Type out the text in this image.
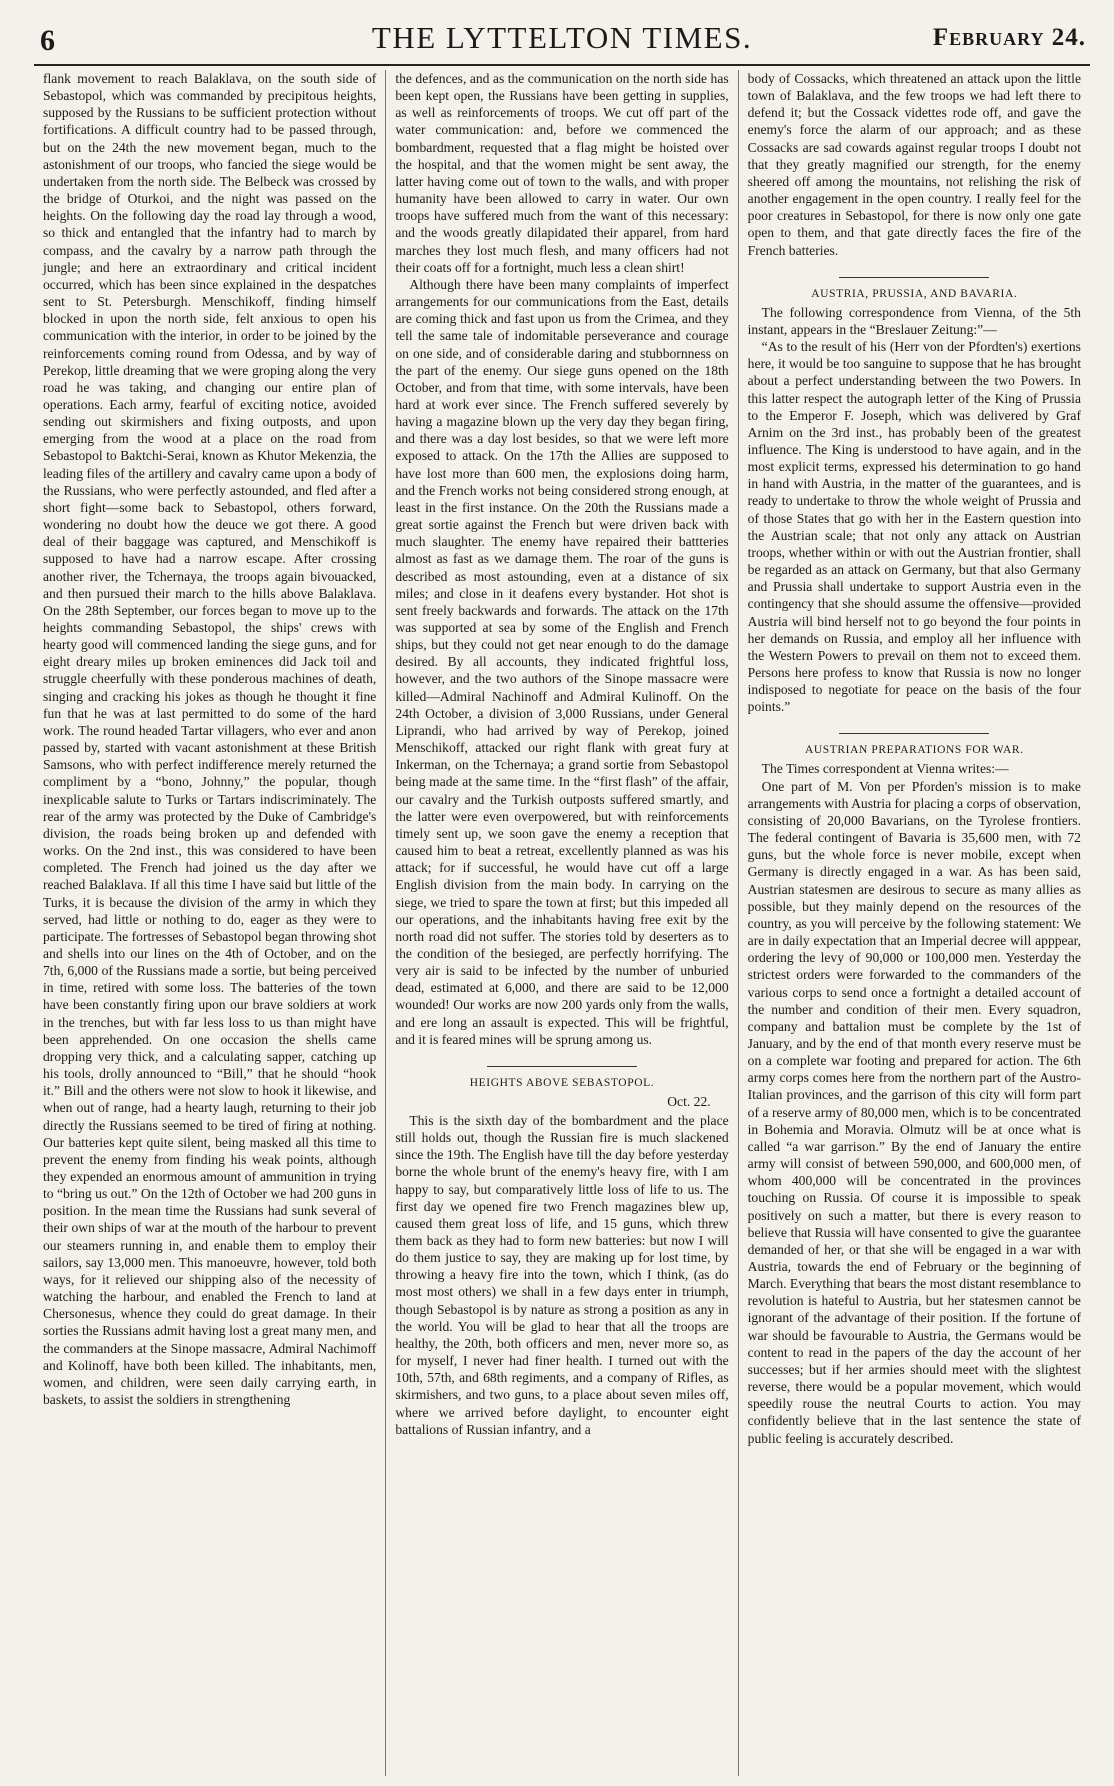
6	THE LYTTELTON TIMES.	February 24.

flank movement to reach Balaklava, on the south side of Sebastopol, which was commanded by precipitous heights, supposed by the Russians to be sufficient protection without fortifications. A difficult country had to be passed through, but on the 24th the new movement began, much to the astonishment of our troops, who fancied the siege would be undertaken from the north side. The Belbeck was crossed by the bridge of Oturkoi, and the night was passed on the heights. On the following day the road lay through a wood, so thick and entangled that the infantry had to march by compass, and the cavalry by a narrow path through the jungle; and here an extraordinary and critical incident occurred, which has been since explained in the despatches sent to St. Petersburgh. Menschikoff, finding himself blocked in upon the north side, felt anxious to open his communication with the interior, in order to be joined by the reinforcements coming round from Odessa, and by way of Perekop, little dreaming that we were groping along the very road he was taking, and changing our entire plan of operations. Each army, fearful of exciting notice, avoided sending out skirmishers and fixing outposts, and upon emerging from the wood at a place on the road from Sebastopol to Baktchi-Serai, known as Khutor Mekenzia, the leading files of the artillery and cavalry came upon a body of the Russians, who were perfectly astounded, and fled after a short fight—some back to Sebastopol, others forward, wondering no doubt how the deuce we got there. A good deal of their baggage was captured, and Menschikoff is supposed to have had a narrow escape. After crossing another river, the Tchernaya, the troops again bivouacked, and then pursued their march to the hills above Balaklava. On the 28th September, our forces began to move up to the heights commanding Sebastopol, the ships' crews with hearty good will commenced landing the siege guns, and for eight dreary miles up broken eminences did Jack toil and struggle cheerfully with these ponderous machines of death, singing and cracking his jokes as though he thought it fine fun that he was at last permitted to do some of the hard work. The round headed Tartar villagers, who ever and anon passed by, started with vacant astonishment at these British Samsons, who with perfect indifference merely returned the compliment by a “bono, Johnny,” the popular, though inexplicable salute to Turks or Tartars indiscriminately. The rear of the army was protected by the Duke of Cambridge's division, the roads being broken up and defended with works. On the 2nd inst., this was considered to have been completed. The French had joined us the day after we reached Balaklava. If all this time I have said but little of the Turks, it is because the division of the army in which they served, had little or nothing to do, eager as they were to participate. The fortresses of Sebastopol began throwing shot and shells into our lines on the 4th of October, and on the 7th, 6,000 of the Russians made a sortie, but being perceived in time, retired with some loss. The batteries of the town have been constantly firing upon our brave soldiers at work in the trenches, but with far less loss to us than might have been apprehended. On one occasion the shells came dropping very thick, and a calculating sapper, catching up his tools, drolly announced to “Bill,” that he should “hook it.” Bill and the others were not slow to hook it likewise, and when out of range, had a hearty laugh, returning to their job directly the Russians seemed to be tired of firing at nothing. Our batteries kept quite silent, being masked all this time to prevent the enemy from finding his weak points, although they expended an enormous amount of ammunition in trying to “bring us out.” On the 12th of October we had 200 guns in position. In the mean time the Russians had sunk several of their own ships of war at the mouth of the harbour to prevent our steamers running in, and enable them to employ their sailors, say 13,000 men. This manoeuvre, however, told both ways, for it relieved our shipping also of the necessity of watching the harbour, and enabled the French to land at Chersonesus, whence they could do great damage. In their sorties the Russians admit having lost a great many men, and the commanders at the Sinope massacre, Admiral Nachimoff and Kolinoff, have both been killed. The inhabitants, men, women, and children, were seen daily carrying earth, in baskets, to assist the soldiers in strengthening

the defences, and as the communication on the north side has been kept open, the Russians have been getting in supplies, as well as reinforcements of troops. We cut off part of the water communication: and, before we commenced the bombardment, requested that a flag might be hoisted over the hospital, and that the women might be sent away, the latter having come out of town to the walls, and with proper humanity have been allowed to carry in water. Our own troops have suffered much from the want of this necessary: and the woods greatly dilapidated their apparel, from hard marches they lost much flesh, and many officers had not their coats off for a fortnight, much less a clean shirt!

Although there have been many complaints of imperfect arrangements for our communications from the East, details are coming thick and fast upon us from the Crimea, and they tell the same tale of indomitable perseverance and courage on one side, and of considerable daring and stubbornness on the part of the enemy. Our siege guns opened on the 18th October, and from that time, with some intervals, have been hard at work ever since. The French suffered severely by having a magazine blown up the very day they began firing, and there was a day lost besides, so that we were left more exposed to attack. On the 17th the Allies are supposed to have lost more than 600 men, the explosions doing harm, and the French works not being considered strong enough, at least in the first instance. On the 20th the Russians made a great sortie against the French but were driven back with much slaughter. The enemy have repaired their battteries almost as fast as we damage them. The roar of the guns is described as most astounding, even at a distance of six miles; and close in it deafens every bystander. Hot shot is sent freely backwards and forwards. The attack on the 17th was supported at sea by some of the English and French ships, but they could not get near enough to do the damage desired. By all accounts, they indicated frightful loss, however, and the two authors of the Sinope massacre were killed—Admiral Nachinoff and Admiral Kulinoff. On the 24th October, a division of 3,000 Russians, under General Liprandi, who had arrived by way of Perekop, joined Menschikoff, attacked our right flank with great fury at Inkerman, on the Tchernaya; a grand sortie from Sebastopol being made at the same time. In the “first flash” of the affair, our cavalry and the Turkish outposts suffered smartly, and the latter were even overpowered, but with reinforcements timely sent up, we soon gave the enemy a reception that caused him to beat a retreat, excellently planned as was his attack; for if successful, he would have cut off a large English division from the main body. In carrying on the siege, we tried to spare the town at first; but this impeded all our operations, and the inhabitants having free exit by the north road did not suffer. The stories told by deserters as to the condition of the besieged, are perfectly horrifying. The very air is said to be infected by the number of unburied dead, estimated at 6,000, and there are said to be 12,000 wounded! Our works are now 200 yards only from the walls, and ere long an assault is expected. This will be frightful, and it is feared mines will be sprung among us.

HEIGHTS ABOVE SEBASTOPOL.
Oct. 22.

This is the sixth day of the bombardment and the place still holds out, though the Russian fire is much slackened since the 19th. The English have till the day before yesterday borne the whole brunt of the enemy's heavy fire, with I am happy to say, but comparatively little loss of life to us. The first day we opened fire two French magazines blew up, caused them great loss of life, and 15 guns, which threw them back as they had to form new batteries: but now I will do them justice to say, they are making up for lost time, by throwing a heavy fire into the town, which I think, (as do most most others) we shall in a few days enter in triumph, though Sebastopol is by nature as strong a position as any in the world. You will be glad to hear that all the troops are healthy, the 20th, both officers and men, never more so, as for myself, I never had finer health. I turned out with the 10th, 57th, and 68th regiments, and a company of Rifles, as skirmishers, and two guns, to a place about seven miles off, where we arrived before daylight, to encounter eight battalions of Russian infantry, and a

body of Cossacks, which threatened an attack upon the little town of Balaklava, and the few troops we had left there to defend it; but the Cossack videttes rode off, and gave the enemy's force the alarm of our approach; and as these Cossacks are sad cowards against regular troops I doubt not that they greatly magnified our strength, for the enemy sheered off among the mountains, not relishing the risk of another engagement in the open country. I really feel for the poor creatures in Sebastopol, for there is now only one gate open to them, and that gate directly faces the fire of the French batteries.

AUSTRIA, PRUSSIA, AND BAVARIA.

The following correspondence from Vienna, of the 5th instant, appears in the “Breslauer Zeitung:”—

“As to the result of his (Herr von der Pfordten's) exertions here, it would be too sanguine to suppose that he has brought about a perfect understanding between the two Powers. In this latter respect the autograph letter of the King of Prussia to the Emperor F. Joseph, which was delivered by Graf Arnim on the 3rd inst., has probably been of the greatest influence. The King is understood to have again, and in the most explicit terms, expressed his determination to go hand in hand with Austria, in the matter of the guarantees, and is ready to undertake to throw the whole weight of Prussia and of those States that go with her in the Eastern question into the Austrian scale; that not only any attack on Austrian troops, whether within or with out the Austrian frontier, shall be regarded as an attack on Germany, but that also Germany and Prussia shall undertake to support Austria even in the contingency that she should assume the offensive—provided Austria will bind herself not to go beyond the four points in her demands on Russia, and employ all her influence with the Western Powers to prevail on them not to exceed them. Persons here profess to know that Russia is now no longer indisposed to negotiate for peace on the basis of the four points.”

AUSTRIAN PREPARATIONS FOR WAR.

The Times correspondent at Vienna writes:—

One part of M. Von per Pforden's mission is to make arrangements with Austria for placing a corps of observation, consisting of 20,000 Bavarians, on the Tyrolese frontiers. The federal contingent of Bavaria is 35,600 men, with 72 guns, but the whole force is never mobile, except when Germany is directly engaged in a war. As has been said, Austrian statesmen are desirous to secure as many allies as possible, but they mainly depend on the resources of the country, as you will perceive by the following statement: We are in daily expectation that an Imperial decree will apppear, ordering the levy of 90,000 or 100,000 men. Yesterday the strictest orders were forwarded to the commanders of the various corps to send once a fortnight a detailed account of the number and condition of their men. Every squadron, company and battalion must be complete by the 1st of January, and by the end of that month every reserve must be on a complete war footing and prepared for action. The 6th army corps comes here from the northern part of the Austro-Italian provinces, and the garrison of this city will form part of a reserve army of 80,000 men, which is to be concentrated in Bohemia and Moravia. Olmutz will be at once what is called “a war garrison.” By the end of January the entire army will consist of between 590,000, and 600,000 men, of whom 400,000 will be concentrated in the provinces touching on Russia. Of course it is impossible to speak positively on such a matter, but there is every reason to believe that Russia will have consented to give the guarantee demanded of her, or that she will be engaged in a war with Austria, towards the end of February or the beginning of March. Everything that bears the most distant resemblance to revolution is hateful to Austria, but her statesmen cannot be ignorant of the advantage of their position. If the fortune of war should be favourable to Austria, the Germans would be content to read in the papers of the day the account of her successes; but if her armies should meet with the slightest reverse, there would be a popular movement, which would speedily rouse the neutral Courts to action. You may confidently believe that in the last sentence the state of public feeling is accurately described.
